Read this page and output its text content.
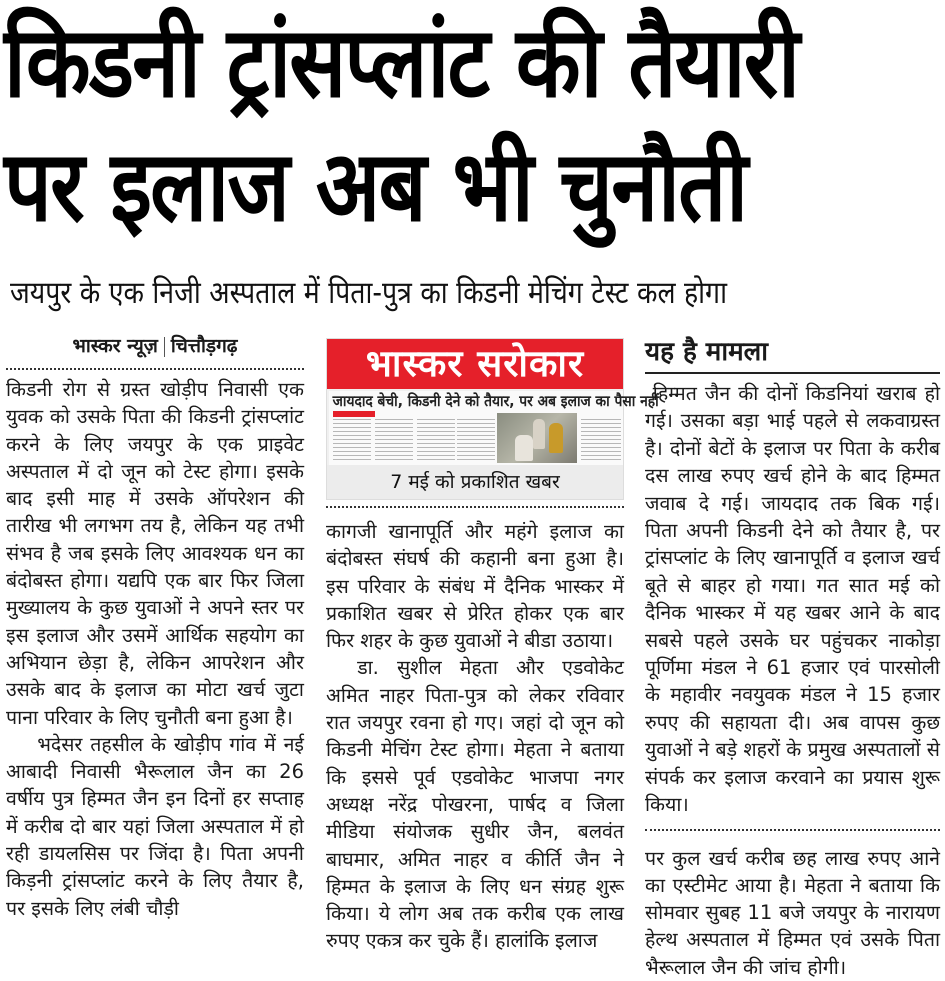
किडनी ट्रांसप्लांट की तैयारी
पर इलाज अब भी चुनौती
जयपुर के एक निजी अस्पताल में पिता-पुत्र का किडनी मेचिंग टेस्ट कल होगा
भास्कर न्यूज़ चित्तौड़गढ़

किडनी रोग से ग्रस्त खोड़ीप निवासी एक युवक को उसके पिता की किडनी ट्रांसप्लांट करने के लिए जयपुर के एक प्राइवेट अस्पताल में दो जून को टेस्ट होगा। इसके बाद इसी माह में उसके ऑपरेशन की तारीख भी लगभग तय है, लेकिन यह तभी संभव है जब इसके लिए आवश्यक धन का बंदोबस्त होगा। यद्यपि एक बार फिर जिला मुख्यालय के कुछ युवाओं ने अपने स्तर पर इस इलाज और उसमें आर्थिक सहयोग का अभियान छेड़ा है, लेकिन आपरेशन और उसके बाद के इलाज का मोटा खर्च जुटा पाना परिवार के लिए चुनौती बना हुआ है।

भदेसर तहसील के खोड़ीप गांव में नई आबादी निवासी भैरूलाल जैन का 26 वर्षीय पुत्र हिम्मत जैन इन दिनों हर सप्ताह में करीब दो बार यहां जिला अस्पताल में हो रही डायलसिस पर जिंदा है। पिता अपनी किड़नी ट्रांसप्लांट करने के लिए तैयार है, पर इसके लिए लंबी चौड़ी

भास्कर सरोकार
जायदाद बेची, किडनी देने को तैयार, पर अब इलाज का पैसा नहीं
7 मई को प्रकाशित खबर

कागजी खानापूर्ति और महंगे इलाज का बंदोबस्त संघर्ष की कहानी बना हुआ है। इस परिवार के संबंध में दैनिक भास्कर में प्रकाशित खबर से प्रेरित होकर एक बार फिर शहर के कुछ युवाओं ने बीडा उठाया।

डा. सुशील मेहता और एडवोकेट अमित नाहर पिता-पुत्र को लेकर रविवार रात जयपुर रवना हो गए। जहां दो जून को किडनी मेचिंग टेस्ट होगा। मेहता ने बताया कि इससे पूर्व एडवोकेट भाजपा नगर अध्यक्ष नरेंद्र पोखरना, पार्षद व जिला मीडिया संयोजक सुधीर जैन, बलवंत बाघमार, अमित नाहर व कीर्ति जैन ने हिम्मत के इलाज के लिए धन संग्रह शुरू किया। ये लोग अब तक करीब एक लाख रुपए एकत्र कर चुके हैं। हालांकि इलाज

यह है मामला

हिम्मत जैन की दोनों किडनियां खराब हो गई। उसका बड़ा भाई पहले से लकवाग्रस्त है। दोनों बेटों के इलाज पर पिता के करीब दस लाख रुपए खर्च होने के बाद हिम्मत जवाब दे गई। जायदाद तक बिक गई। पिता अपनी किडनी देने को तैयार है, पर ट्रांसप्लांट के लिए खानापूर्ति व इलाज खर्च बूते से बाहर हो गया। गत सात मई को दैनिक भास्कर में यह खबर आने के बाद सबसे पहले उसके घर पहुंचकर नाकोड़ा पूर्णिमा मंडल ने 61 हजार एवं पारसोली के महावीर नवयुवक मंडल ने 15 हजार रुपए की सहायता दी। अब वापस कुछ युवाओं ने बड़े शहरों के प्रमुख अस्पतालों से संपर्क कर इलाज करवाने का प्रयास शुरू किया।

पर कुल खर्च करीब छह लाख रुपए आने का एस्टीमेट आया है। मेहता ने बताया कि सोमवार सुबह 11 बजे जयपुर के नारायण हेल्थ अस्पताल में हिम्मत एवं उसके पिता भैरूलाल जैन की जांच होगी।
